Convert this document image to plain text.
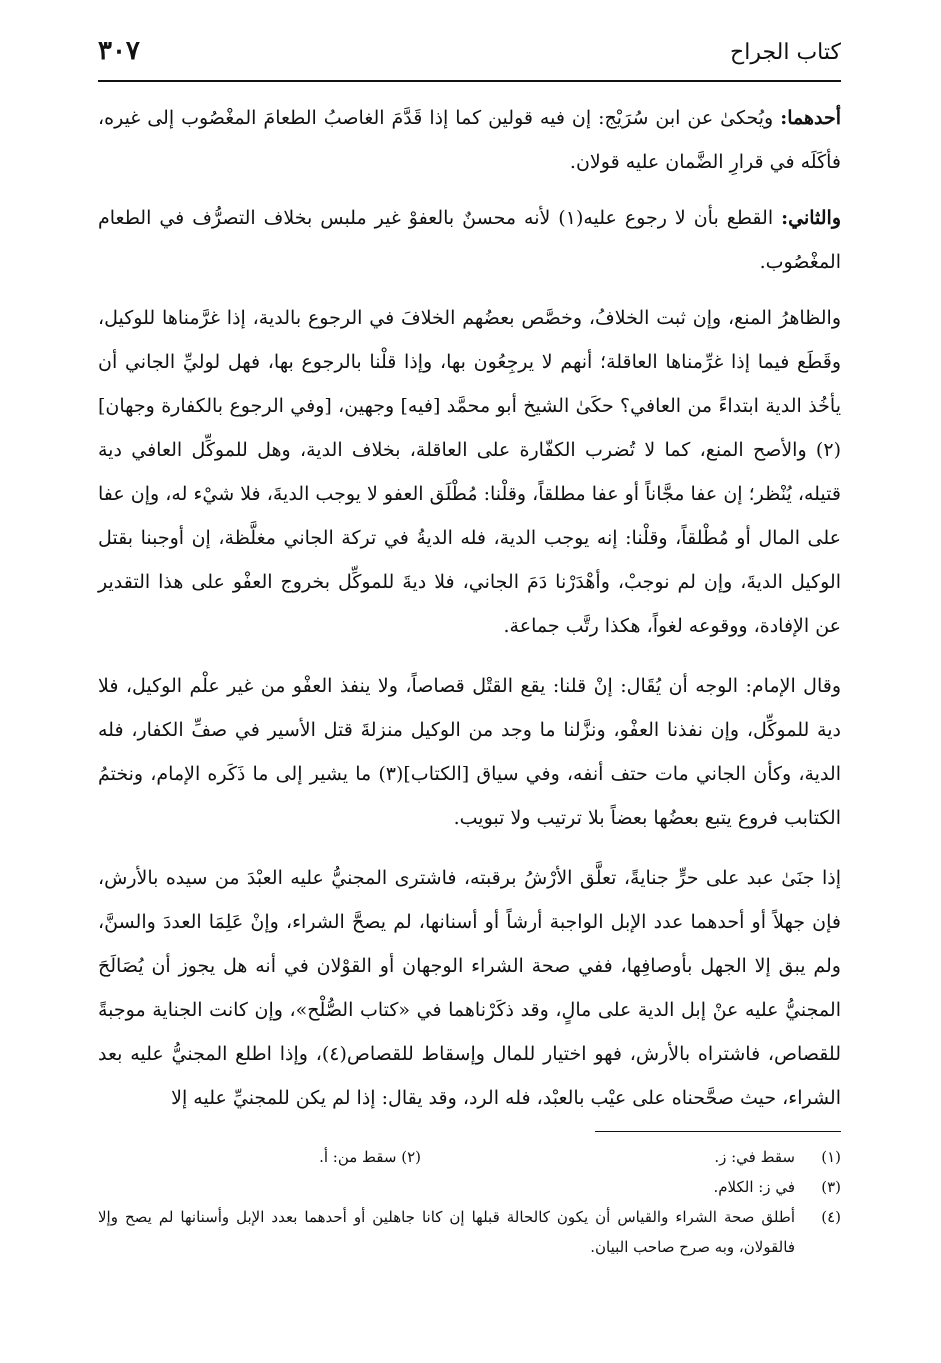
كتاب الجراح
٣٠٧

أحدهما: ويُحكىٰ عن ابن سُرَيْج: إن فيه قولين كما إذا قَدَّمَ الغاصبُ الطعامَ المغْصُوب إلى غيره، فأكَلَه في قرارِ الضَّمان عليه قولان.

والثاني: القطع بأن لا رجوع عليه(١) لأنه محسنٌ بالعفوْ غير ملبس بخلاف التصرُّف في الطعام المغْصُوب.

والظاهرُ المنع، وإن ثبت الخلافُ، وخصَّص بعضُهم الخلافَ في الرجوع بالدية، إذا غرَّمناها للوكيل، وقَطَع فيما إذا غرِّمناها العاقلة؛ أنهم لا يرجِعُون بها، وإذا قلْنا بالرجوع بها، فهل لوليِّ الجاني أن يأخُذ الدية ابتداءً من العافي؟ حكَىٰ الشيخ أبو محمَّد [فيه] وجهين، [وفي الرجوع بالكفارة وجهان](٢) والأصح المنع، كما لا تُضرب الكفّارة على العاقلة، بخلاف الدية، وهل للموكِّل العافي دية قتيله، يُنْظر؛ إن عفا مجَّاناً أو عفا مطلقاً، وقلْنا: مُطْلَق العفو لا يوجب الديةَ، فلا شيْء له، وإن عفا على المال أو مُطْلقاً، وقلْنا: إنه يوجب الدية، فله الديةُ في تركة الجاني مغلَّظة، إن أوجبنا بقتل الوكيل الديةَ، وإن لم نوجبْ، وأهْدَرْنا دَمَ الجاني، فلا ديةَ للموكِّل بخروج العفْو على هذا التقدير عن الإفادة، ووقوعه لغواً، هكذا رتَّب جماعة.

وقال الإمام: الوجه أن يُقَال: إنْ قلنا: يقع القتْل قصاصاً، ولا ينفذ العفْو من غير علْم الوكيل، فلا دية للموكِّل، وإن نفذنا العفْو، ونزَّلنا ما وجد من الوكيل منزلةَ قتل الأسير في صفِّ الكفار، فله الدية، وكأن الجاني مات حتف أنفه، وفي سياق [الكتاب](٣) ما يشير إلى ما ذَكَره الإمام، ونختمُ الكتابب فروع يتبع بعضُها بعضاً بلا ترتيب ولا تبويب.

إذا جنَىٰ عبد على حرٍّ جنايةً، تعلَّق الأرْشُ برقبته، فاشترى المجنيُّ عليه العبْدَ من سيده بالأرش، فإن جهلاً أو أحدهما عدد الإبل الواجبة أرشاً أو أسنانها، لم يصحَّ الشراء، وإنْ عَلِمَا العددَ والسنَّ، ولم يبق إلا الجهل بأوصافِها، ففي صحة الشراء الوجهان أو القوْلان في أنه هل يجوز أن يُصَالَحَ المجنيُّ عليه عنْ إبل الدية على مالٍ، وقد ذكَرْناهما في «كتاب الصُّلْح»، وإن كانت الجناية موجبةً للقصاص، فاشتراه بالأرش، فهو اختيار للمال وإسقاط للقصاص(٤)، وإذا اطلع المجنيُّ عليه بعد الشراء، حيث صحَّحناه على عيْب بالعبْد، فله الرد، وقد يقال: إذا لم يكن للمجنيِّ عليه إلا

(١)سقط في: ز.
(٢) سقط من: أ.
(٣)في ز: الكلام.
(٤)
أطلق صحة الشراء والقياس أن يكون كالحالة قبلها إن كانا جاهلين أو أحدهما بعدد الإبل وأسنانها لم يصح وإلا فالقولان، وبه صرح صاحب البيان.
